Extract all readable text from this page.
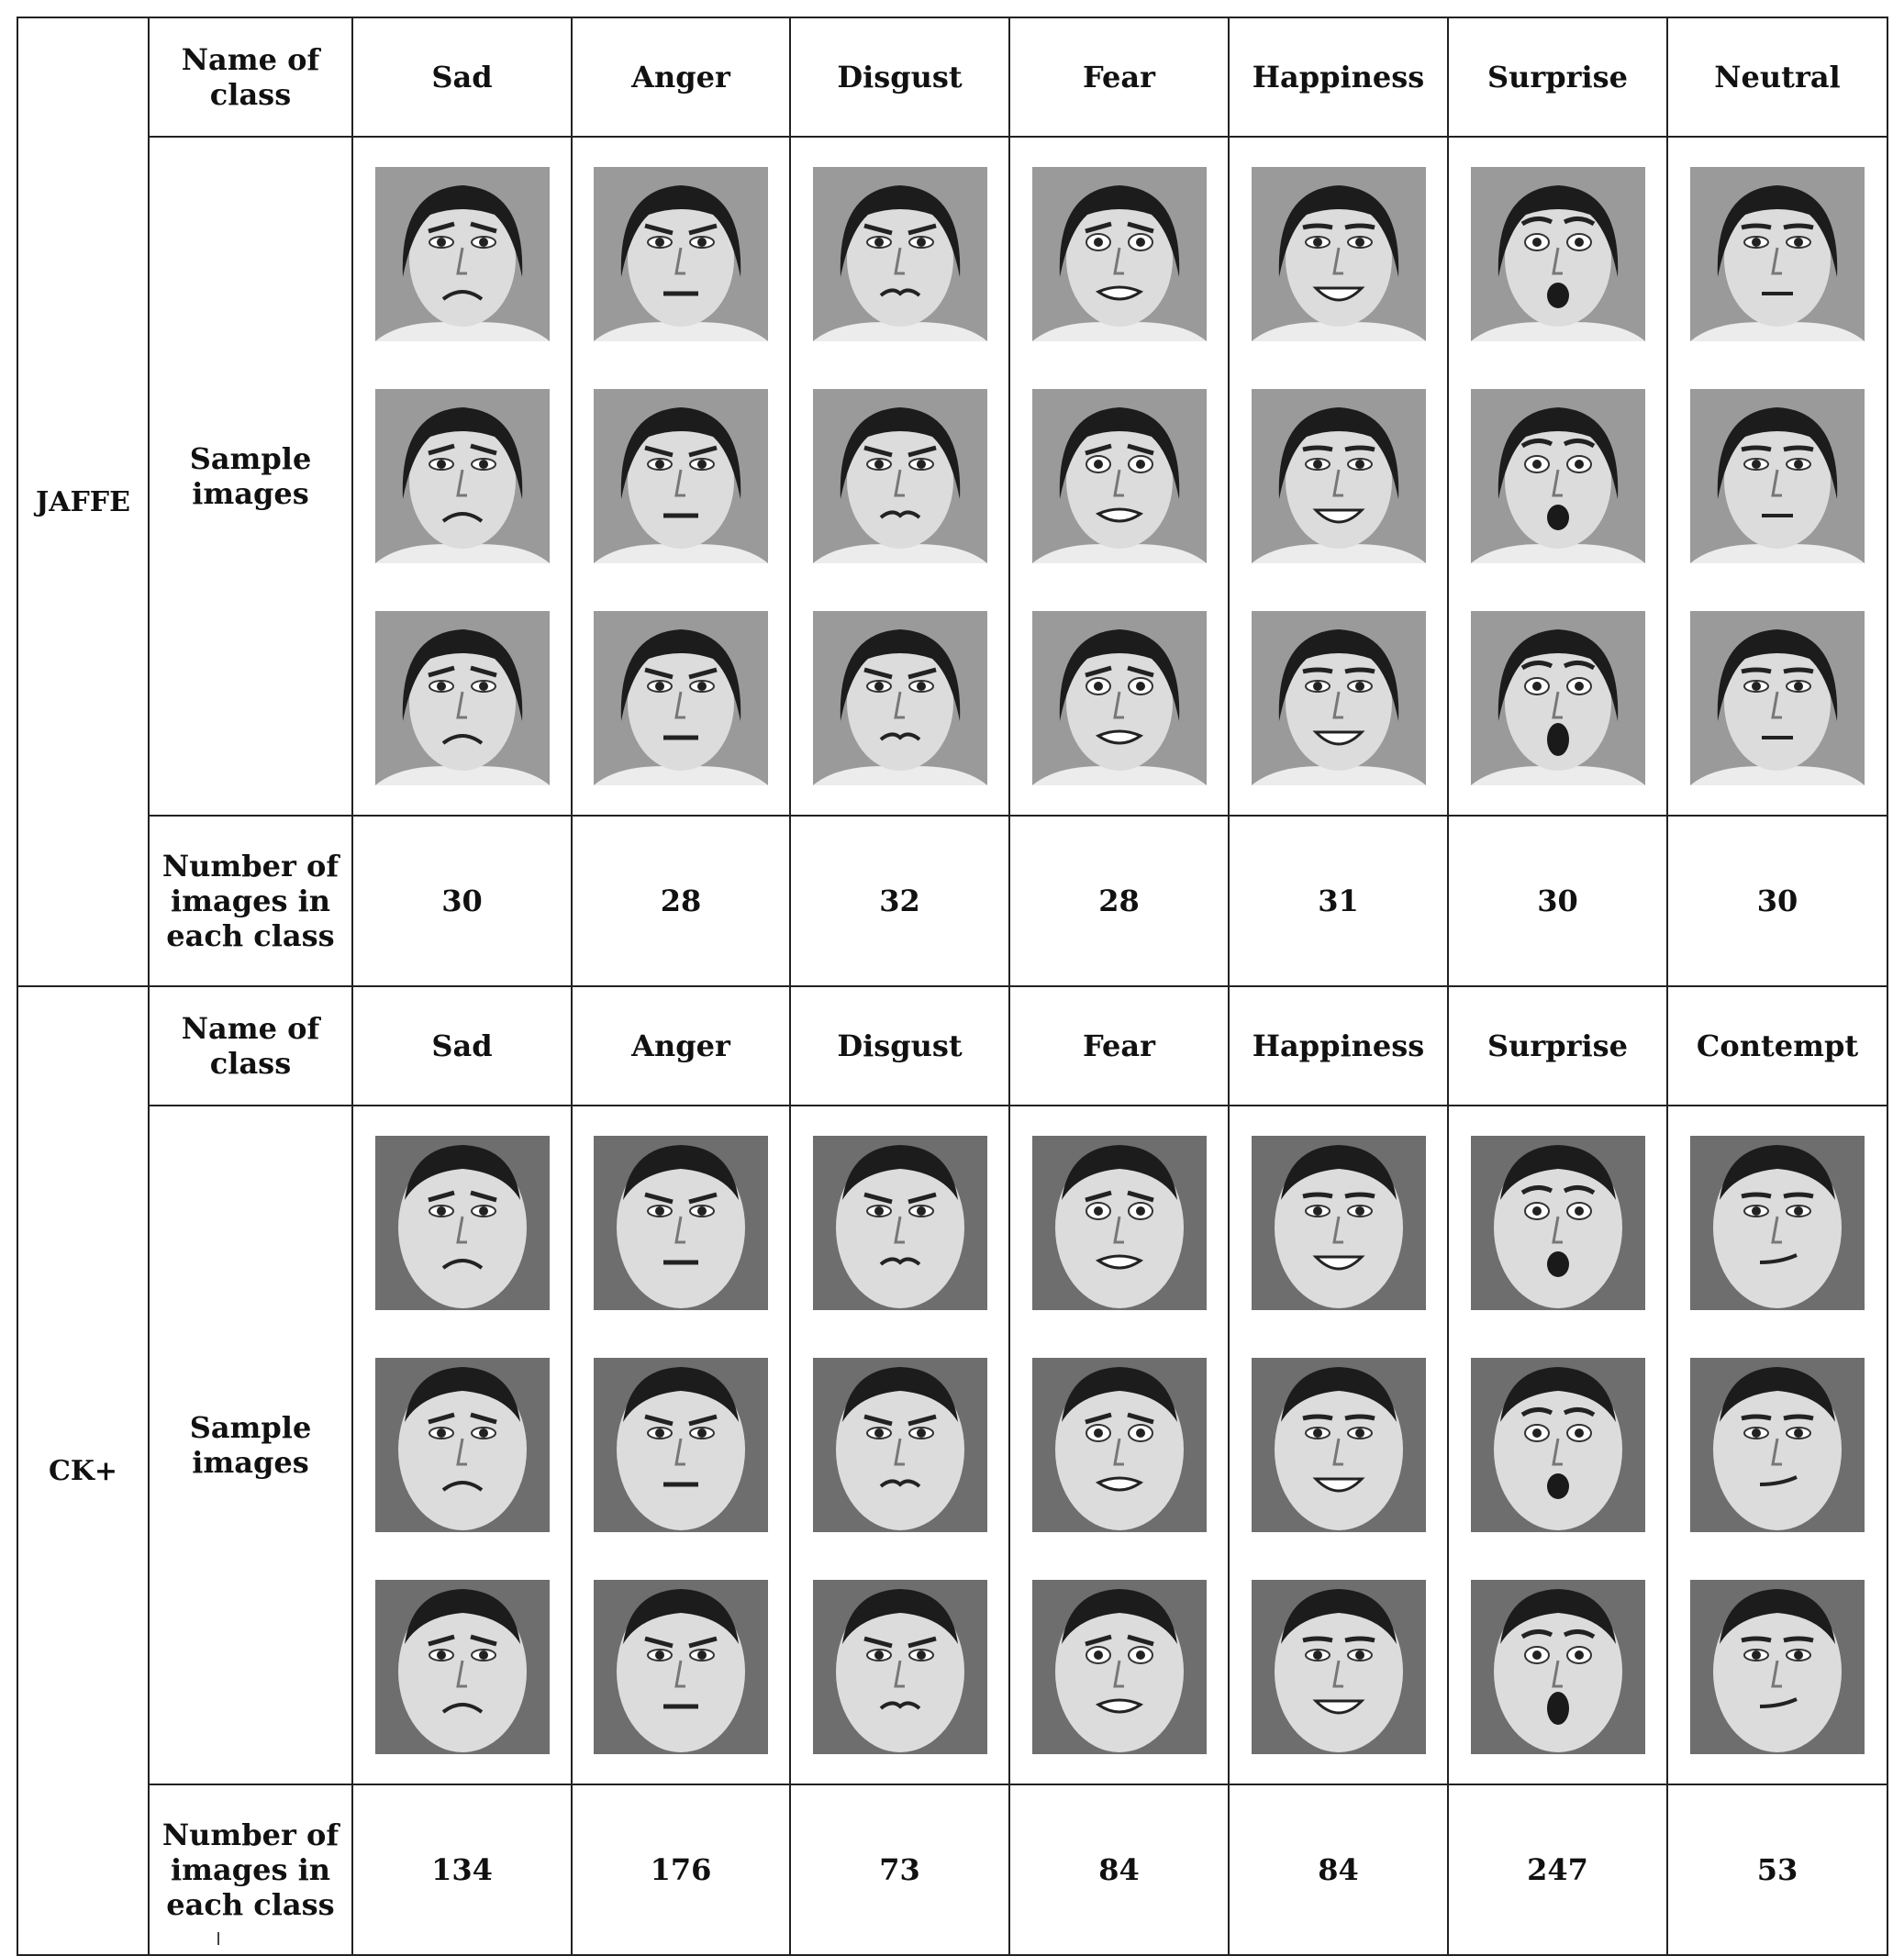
JAFFE	Name of class	Sad	Anger	Disgust	Fear	Happiness	Surprise	Neutral
	Sample images	

	Number of images in each class	30	28	32	28	31	30	30
CK+	Name of class	Sad	Anger	Disgust	Fear	Happiness	Surprise	Contempt
	Sample images	

	Number of images in each class	134	176	73	84	84	247	53
